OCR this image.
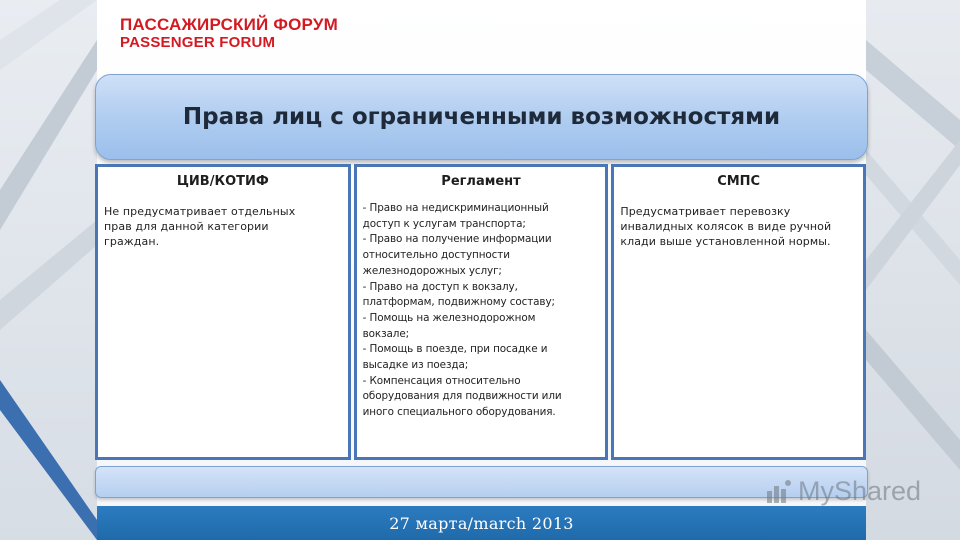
ПАССАЖИРСКИЙ ФОРУМ
PASSENGER FORUM
Права лиц с ограниченными возможностями
ЦИВ/КОТИФ
Не предусматривает отдельных
прав для данной категории
граждан.
Регламент
- Право на недискриминационный
доступ к услугам транспорта;
- Право на получение информации
относительно доступности
железнодорожных услуг;
- Право на доступ к вокзалу,
платформам, подвижному составу;
- Помощь на железнодорожном
вокзале;
- Помощь в поезде, при посадке и
высадке из поезда;
- Компенсация относительно
оборудования для подвижности или
иного специального оборудования.
СМПС
Предусматривает перевозку
инвалидных колясок в виде ручной
клади выше установленной нормы.
27 марта/march 2013
MyShared
